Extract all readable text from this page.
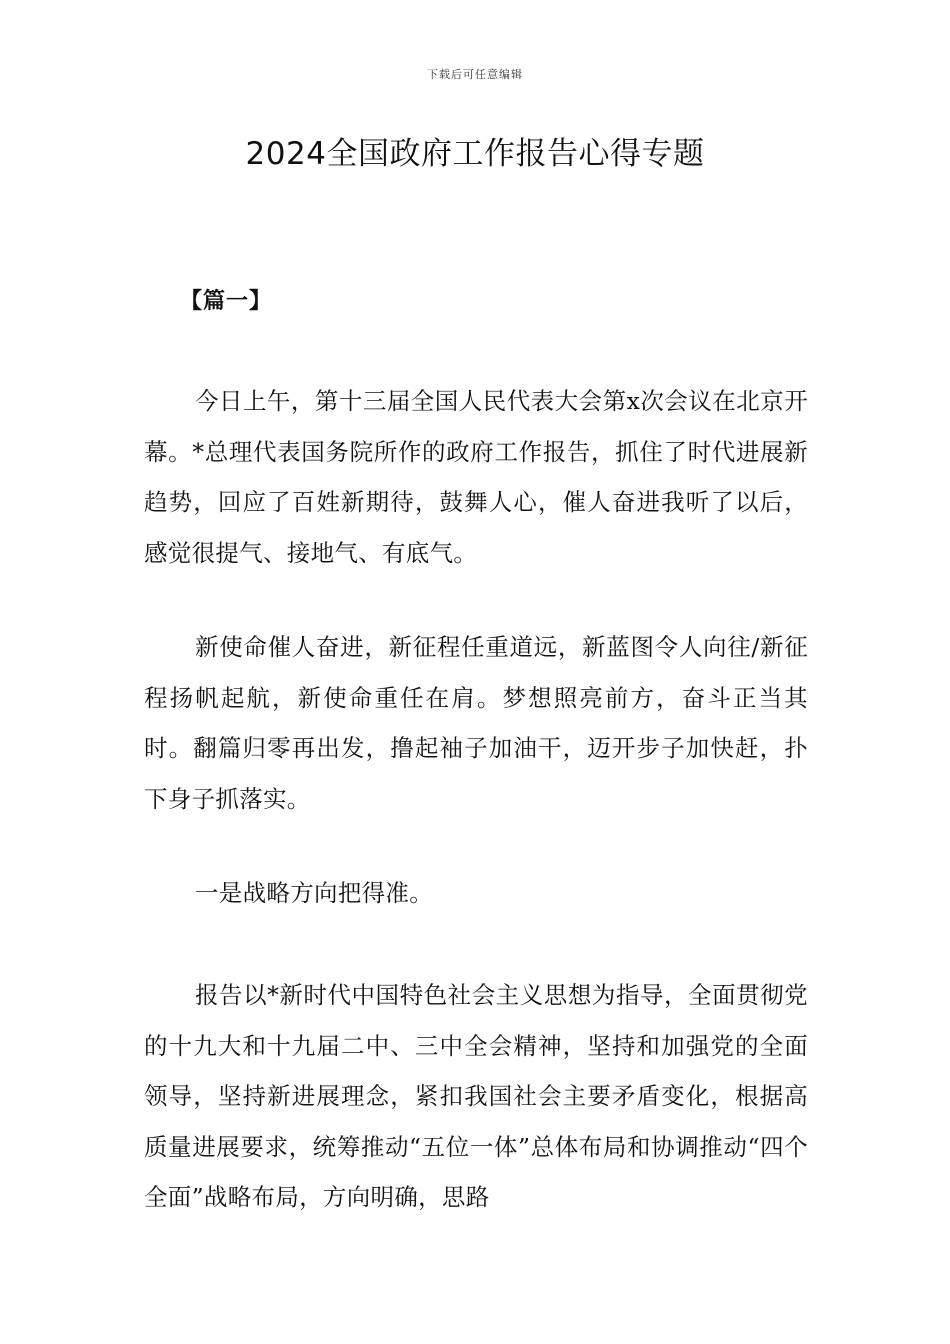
下载后可任意编辑
2024全国政府工作报告心得专题
【篇一】

今日上午，第十三届全国人民代表大会第x次会议在北京开幕。*总理代表国务院所作的政府工作报告，抓住了时代进展新趋势，回应了百姓新期待，鼓舞人心，催人奋进我听了以后，感觉很提气、接地气、有底气。

新使命催人奋进，新征程任重道远，新蓝图令人向往/新征程扬帆起航，新使命重任在肩。梦想照亮前方，奋斗正当其时。翻篇归零再出发，撸起袖子加油干，迈开步子加快赶，扑下身子抓落实。

一是战略方向把得准。

报告以*新时代中国特色社会主义思想为指导，全面贯彻党的十九大和十九届二中、三中全会精神，坚持和加强党的全面领导，坚持新进展理念，紧扣我国社会主要矛盾变化，根据高质量进展要求，统筹推动“五位一体”总体布局和协调推动“四个全面”战略布局，方向明确，思路
